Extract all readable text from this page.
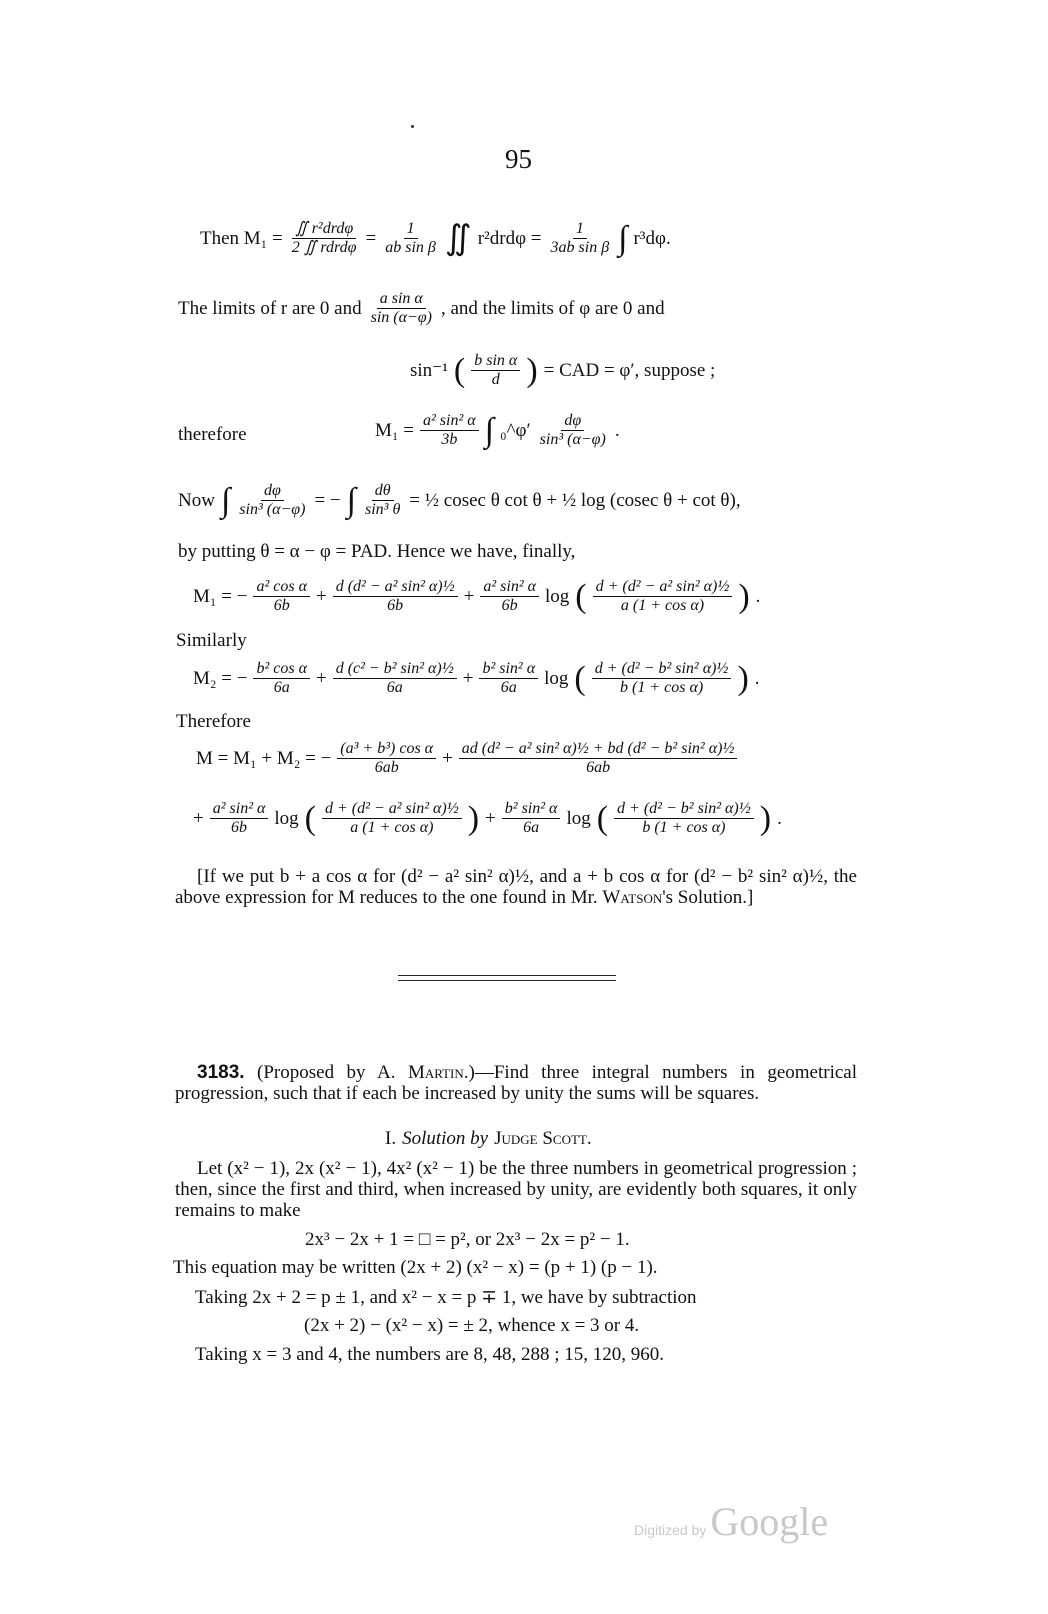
95
Then $M_1 = \frac{\text{∬ r²drdφ}}{\text{2 ∬ rdrdφ}} = \frac{1}{\text{ab sin β}}$ ∬ $r^2drd\varphi = \frac{1}{\text{3ab sin β}}$ ∫ r³dφ.
The limits of r are 0 and $\frac{\text{a sin α}}{\sin (\alpha-\varphi)}$ , and the limits of φ are 0 and
sin⁻¹ ( $\frac{\text{b sin α}}{d}$ ) = CAD = φ′, suppose ;
therefore	$M_1 = \frac{\text{a² sin² α}}{3b}$ ∫ ₀^φ′ $\frac{d\varphi}{\text{sin³ (α−φ)}}$ .
Now ∫ $\frac{d\varphi}{\text{sin³ (α−φ)}}$ = − ∫ $\frac{d\theta}{\text{sin³ θ}}$ = ½ cosec θ cot θ + ½ log (cosec θ + cot θ),
by putting θ = α − φ = PAD. Hence we have, finally,
M₁ = − $\frac{\text{a² cos α}}{6b} + \frac{\text{d (d² − a² sin² α)½}}{6b} + \frac{\text{a² sin² α}}{6b}$ log ( $\frac{\text{d + (d² − a² sin² α)½}}{\text{a (1 + cos α)}}$ ) .
Similarly
M₂ = − $\frac{\text{b² cos α}}{6a} + \frac{\text{d (c² − b² sin² α)½}}{6a} + \frac{\text{b² sin² α}}{6a}$ log ( $\frac{\text{d + (d² − b² sin² α)½}}{\text{b (1 + cos α)}}$ ) .
Therefore
M = M₁ + M₂ = − $\frac{\text{(a³ + b³) cos α}}{6ab} + \frac{\text{ad (d² − a² sin² α)½ + bd (d² − b² sin² α)½}}{6ab}$
+ $\frac{\text{a² sin² α}}{6b}$ log ( $\frac{\text{d + (d² − a² sin² α)½}}{\text{a (1 + cos α)}}$ ) + $\frac{\text{b² sin² α}}{6a}$ log ( $\frac{\text{d + (d² − b² sin² α)½}}{\text{b (1 + cos α)}}$ ) .
[If we put b + a cos α for (d² − a² sin² α)½, and a + b cos α for (d² − b² sin² α)½, the above expression for M reduces to the one found in Mr. Watson's Solution.]
3183. (Proposed by A. Martin.)—Find three integral numbers in geometrical progression, such that if each be increased by unity the sums will be squares.
I. Solution by Judge Scott.
Let (x² − 1), 2x (x² − 1), 4x² (x² − 1) be the three numbers in geometrical progression ; then, since the first and third, when increased by unity, are evidently both squares, it only remains to make
2x³ − 2x + 1 = □ = p², or 2x³ − 2x = p² − 1.
This equation may be written (2x + 2) (x² − x) = (p + 1) (p − 1).
Taking 2x + 2 = p ± 1, and x² − x = p ∓ 1, we have by subtraction
(2x + 2) − (x² − x) = ± 2, whence x = 3 or 4.
Taking x = 3 and 4, the numbers are 8, 48, 288 ; 15, 120, 960.
Digitized by Google
